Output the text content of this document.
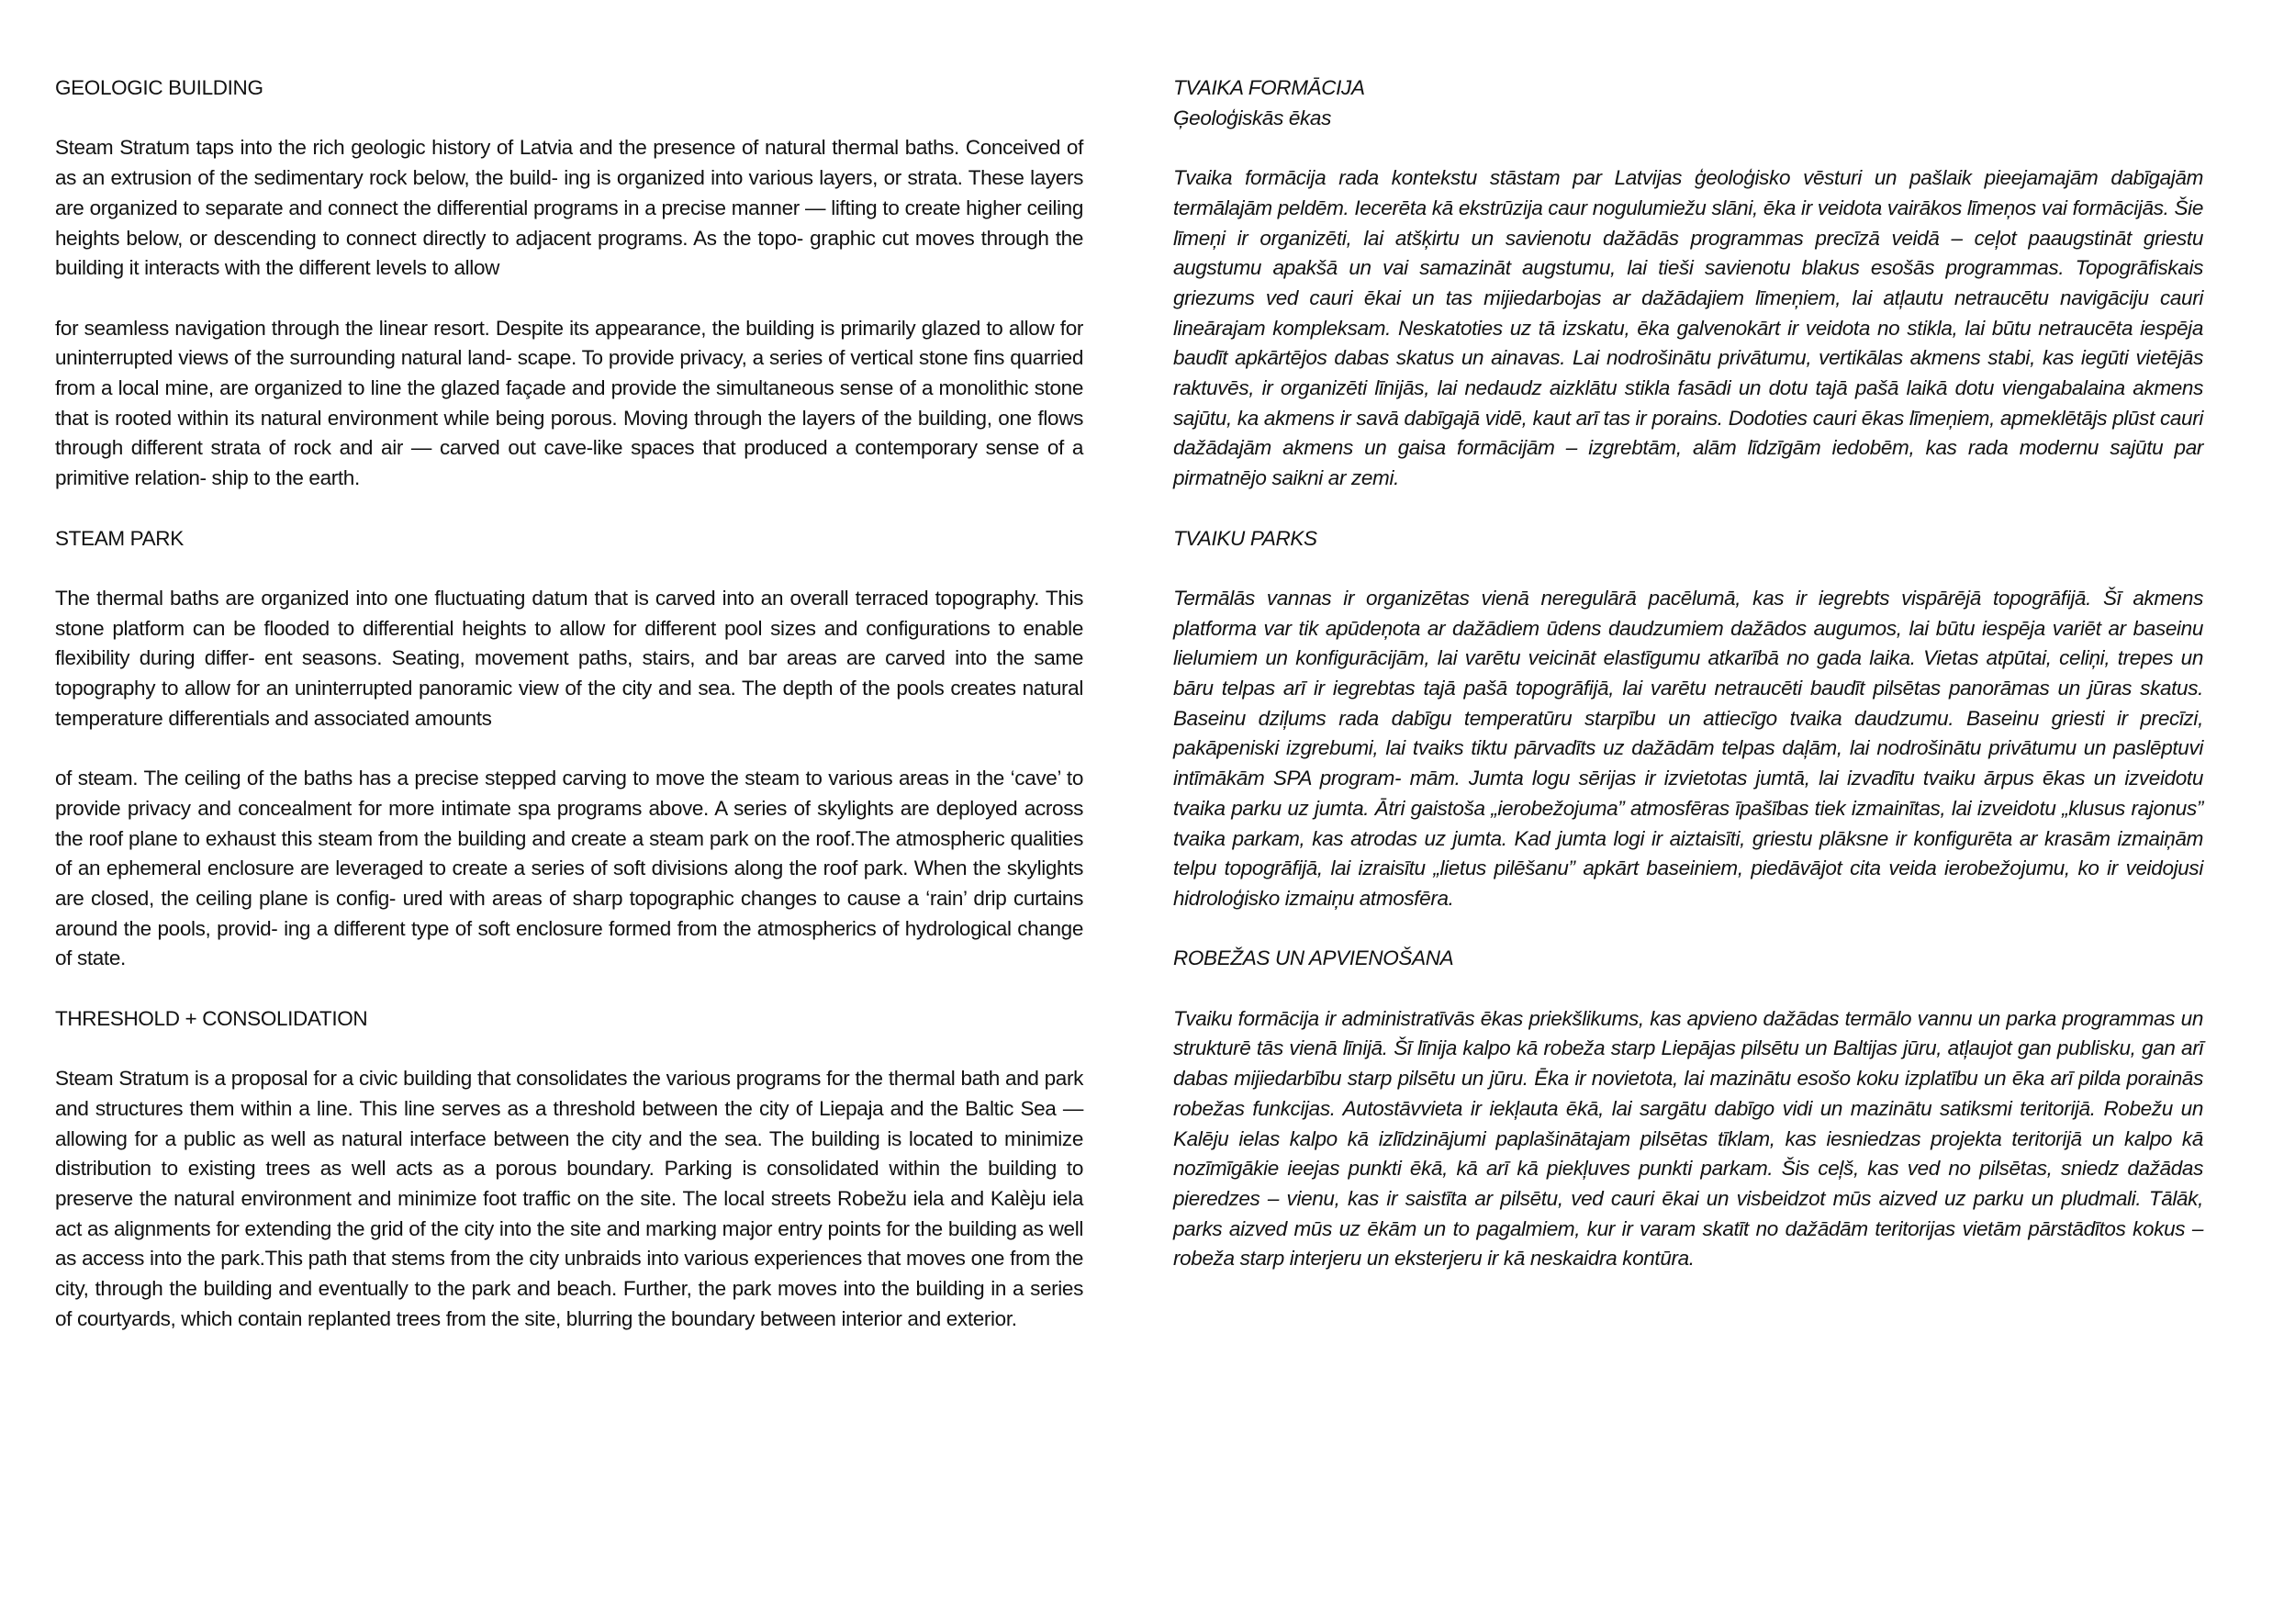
GEOLOGIC BUILDING

Steam Stratum taps into the rich geologic history of Latvia and the presence of natural thermal baths. Conceived of as an extrusion of the sedimentary rock below, the build- ing is organized into various layers, or strata. These layers are organized to separate and connect the differential programs in a precise manner — lifting to create higher ceiling heights below, or descending to connect directly to adjacent programs. As the topo- graphic cut moves through the building it interacts with the different levels to allow

for seamless navigation through the linear resort. Despite its appearance, the building is primarily glazed to allow for uninterrupted views of the surrounding natural land- scape. To provide privacy, a series of vertical stone fins quarried from a local mine, are organized to line the glazed façade and provide the simultaneous sense of a monolithic stone that is rooted within its natural environment while being porous. Moving through the layers of the building, one flows through different strata of rock and air — carved out cave-like spaces that produced a contemporary sense of a primitive relation- ship to the earth.

STEAM PARK

The thermal baths are organized into one fluctuating datum that is carved into an overall terraced topography. This stone platform can be flooded to differential heights to allow for different pool sizes and configurations to enable flexibility during differ- ent seasons. Seating, movement paths, stairs, and bar areas are carved into the same topography to allow for an uninterrupted panoramic view of the city and sea. The depth of the pools creates natural temperature differentials and associated amounts

of steam. The ceiling of the baths has a precise stepped carving to move the steam to various areas in the ‘cave’ to provide privacy and concealment for more intimate spa programs above. A series of skylights are deployed across the roof plane to exhaust this steam from the building and create a steam park on the roof.The atmospheric qualities of an ephemeral enclosure are leveraged to create a series of soft divisions along the roof park. When the skylights are closed, the ceiling plane is config- ured with areas of sharp topographic changes to cause a ‘rain’ drip curtains around the pools, provid- ing a different type of soft enclosure formed from the atmospherics of hydrological change of state.

THRESHOLD + CONSOLIDATION

Steam Stratum is a proposal for a civic building that consolidates the various programs for the thermal bath and park and structures them within a line. This line serves as a threshold between the city of Liepaja and the Baltic Sea — allowing for a public as well as natural interface between the city and the sea. The building is located to minimize distribution to existing trees as well acts as a porous boundary. Parking is consolidated within the building to preserve the natural environment and minimize foot traffic on the site. The local streets Robežu iela and Kalèju iela act as alignments for extending the grid of the city into the site and marking major entry points for the building as well as access into the park.This path that stems from the city unbraids into various experiences that moves one from the city, through the building and eventually to the park and beach. Further, the park moves into the building in a series of courtyards, which contain replanted trees from the site, blurring the boundary between interior and exterior.

TVAIKA FORMĀCIJA

Ģeoloģiskās ēkas

Tvaika formācija rada kontekstu stāstam par Latvijas ģeoloģisko vēsturi un pašlaik pieejamajām dabīgajām termālajām peldēm. Iecerēta kā ekstrūzija caur nogulumiežu slāni, ēka ir veidota vairākos līmeņos vai formācijās. Šie līmeņi ir organizēti, lai atšķirtu un savienotu dažādās programmas precīzā veidā – ceļot paaugstināt griestu augstumu apakšā un vai samazināt augstumu, lai tieši savienotu blakus esošās programmas. Topogrāfiskais griezums ved cauri ēkai un tas mijiedarbojas ar dažādajiem līmeņiem, lai atļautu netraucētu navigāciju cauri lineārajam kompleksam. Neskatoties uz tā izskatu, ēka galvenokārt ir veidota no stikla, lai būtu netraucēta iespēja baudīt apkārtējos dabas skatus un ainavas. Lai nodrošinātu privātumu, vertikālas akmens stabi, kas iegūti vietējās raktuvēs, ir organizēti līnijās, lai nedaudz aizklātu stikla fasādi un dotu tajā pašā laikā dotu viengabalaina akmens sajūtu, ka akmens ir savā dabīgajā vidē, kaut arī tas ir porains. Dodoties cauri ēkas līmeņiem, apmeklētājs plūst cauri dažādajām akmens un gaisa formācijām – izgrebtām, alām līdzīgām iedobēm, kas rada modernu sajūtu par pirmatnējo saikni ar zemi.

TVAIKU PARKS

Termālās vannas ir organizētas vienā neregulārā pacēlumā, kas ir iegrebts vispārējā topogrāfijā. Šī akmens platforma var tik apūdeņota ar dažādiem ūdens daudzumiem dažādos augumos, lai būtu iespēja variēt ar baseinu lielumiem un konfigurācijām, lai varētu veicināt elastīgumu atkarībā no gada laika. Vietas atpūtai, celiņi, trepes un bāru telpas arī ir iegrebtas tajā pašā topogrāfijā, lai varētu netraucēti baudīt pilsētas panorāmas un jūras skatus. Baseinu dziļums rada dabīgu temperatūru starpību un attiecīgo tvaika daudzumu. Baseinu griesti ir precīzi, pakāpeniski izgrebumi, lai tvaiks tiktu pārvadīts uz dažādām telpas daļām, lai nodrošinātu privātumu un paslēptuvi intīmākām SPA program- mām. Jumta logu sērijas ir izvietotas jumtā, lai izvadītu tvaiku ārpus ēkas un izveidotu tvaika parku uz jumta. Ātri gaistoša „ierobežojuma” atmosfēras īpašības tiek izmainītas, lai izveidotu „klusus rajonus” tvaika parkam, kas atrodas uz jumta. Kad jumta logi ir aiztaisīti, griestu plāksne ir konfigurēta ar krasām izmaiņām telpu topogrāfijā, lai izraisītu „lietus pilēšanu” apkārt baseiniem, piedāvājot cita veida ierobežojumu, ko ir veidojusi hidroloģisko izmaiņu atmosfēra.

ROBEŽAS UN APVIENOŠANA

Tvaiku formācija ir administratīvās ēkas priekšlikums, kas apvieno dažādas termālo vannu un parka programmas un strukturē tās vienā līnijā. Šī līnija kalpo kā robeža starp Liepājas pilsētu un Baltijas jūru, atļaujot gan publisku, gan arī dabas mijiedarbību starp pilsētu un jūru. Ēka ir novietota, lai mazinātu esošo koku izplatību un ēka arī pilda porainās robežas funkcijas. Autostāvvieta ir iekļauta ēkā, lai sargātu dabīgo vidi un mazinātu satiksmi teritorijā. Robežu un Kalēju ielas kalpo kā izlīdzinājumi paplašinātajam pilsētas tīklam, kas iesniedzas projekta teritorijā un kalpo kā nozīmīgākie ieejas punkti ēkā, kā arī kā piekļuves punkti parkam. Šis ceļš, kas ved no pilsētas, sniedz dažādas pieredzes – vienu, kas ir saistīta ar pilsētu, ved cauri ēkai un visbeidzot mūs aizved uz parku un pludmali. Tālāk, parks aizved mūs uz ēkām un to pagalmiem, kur ir varam skatīt no dažādām teritorijas vietām pārstādītos kokus – robeža starp interjeru un eksterjeru ir kā neskaidra kontūra.
